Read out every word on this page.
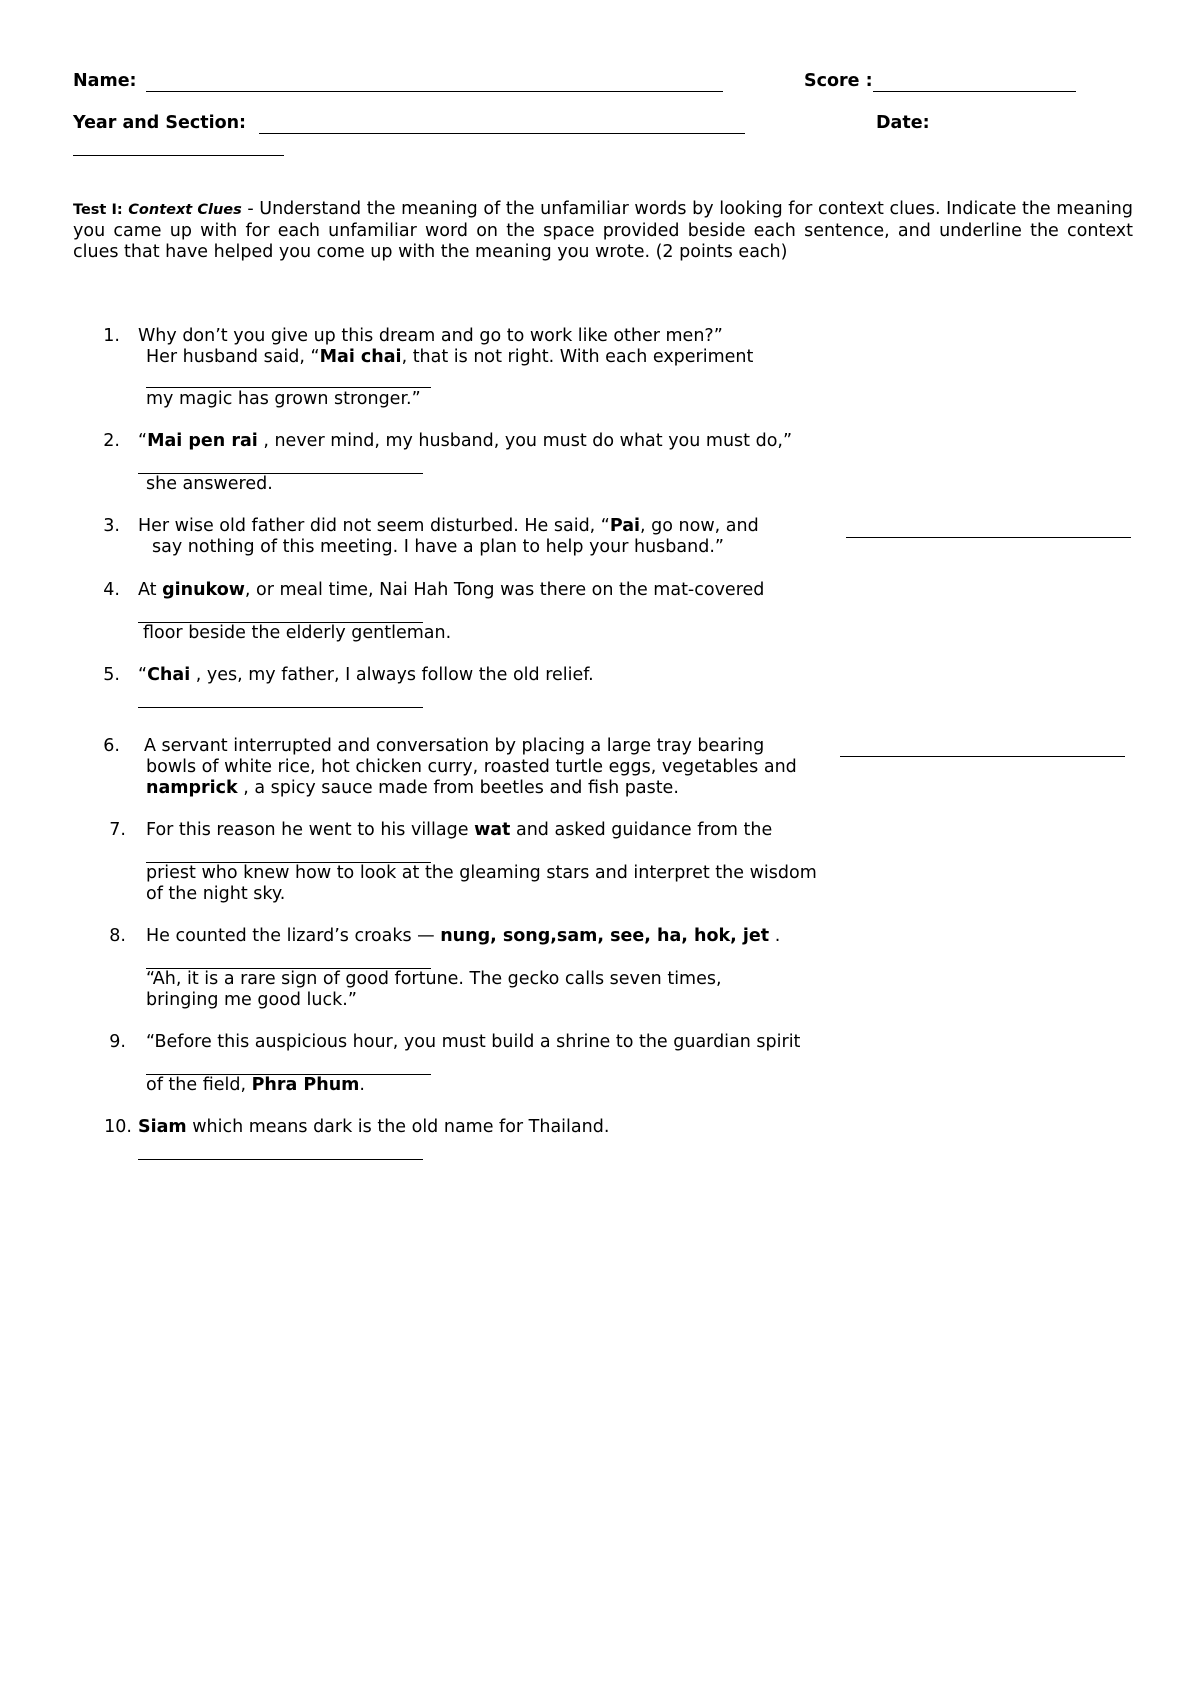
Name:	Score :
Year and Section:	Date:
Test I: Context Clues - Understand the meaning of the unfamiliar words by looking for context clues. Indicate the meaning you came up with for each unfamiliar word on the space provided beside each sentence, and underline the context clues that have helped you come up with the meaning you wrote. (2 points each)
1. Why don’t you give up this dream and go to work like other men?”
Her husband said, “Mai chai, that is not right. With each experiment
my magic has grown stronger.”
2. “Mai pen rai , never mind, my husband, you must do what you must do,”
she answered.
3. Her wise old father did not seem disturbed. He said, “Pai, go now, and
say nothing of this meeting. I have a plan to help your husband.”
4. At ginukow, or meal time, Nai Hah Tong was there on the mat-covered
floor beside the elderly gentleman.
5. “Chai , yes, my father, I always follow the old relief.
6. A servant interrupted and conversation by placing a large tray bearing
bowls of white rice, hot chicken curry, roasted turtle eggs, vegetables and
namprick , a spicy sauce made from beetles and fish paste.
7. For this reason he went to his village wat and asked guidance from the
priest who knew how to look at the gleaming stars and interpret the wisdom
of the night sky.
8. He counted the lizard’s croaks — nung, song,sam, see, ha, hok, jet .
“Ah, it is a rare sign of good fortune. The gecko calls seven times,
bringing me good luck.”
9. “Before this auspicious hour, you must build a shrine to the guardian spirit
of the field, Phra Phum.
10. Siam which means dark is the old name for Thailand.
